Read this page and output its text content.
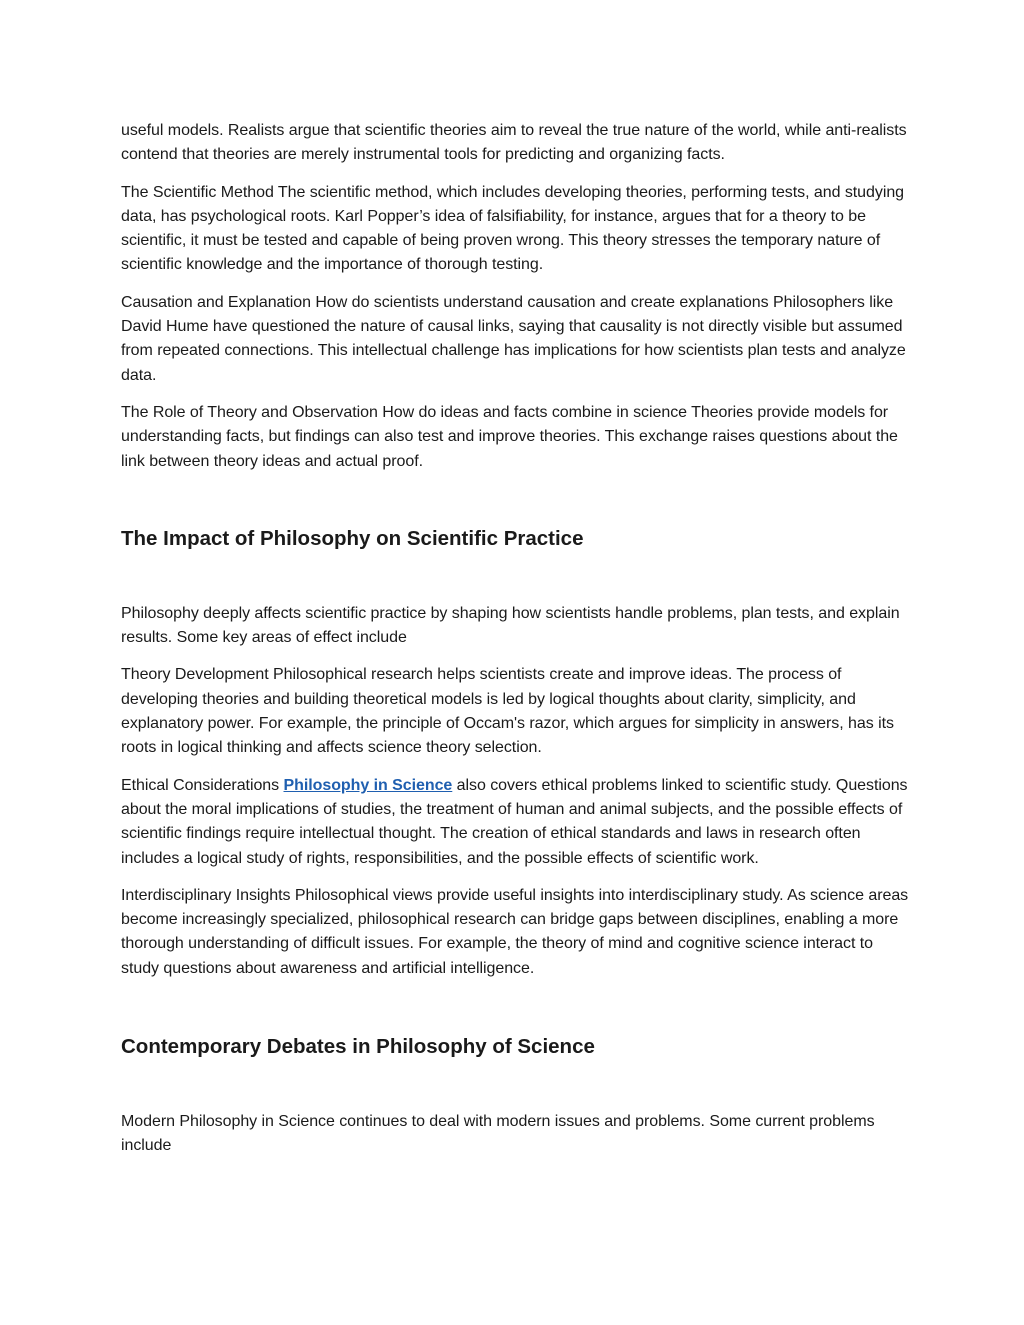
useful models. Realists argue that scientific theories aim to reveal the true nature of the world, while anti-realists contend that theories are merely instrumental tools for predicting and organizing facts.

The Scientific Method The scientific method, which includes developing theories, performing tests, and studying data, has psychological roots. Karl Popper’s idea of falsifiability, for instance, argues that for a theory to be scientific, it must be tested and capable of being proven wrong. This theory stresses the temporary nature of scientific knowledge and the importance of thorough testing.

Causation and Explanation How do scientists understand causation and create explanations Philosophers like David Hume have questioned the nature of causal links, saying that causality is not directly visible but assumed from repeated connections. This intellectual challenge has implications for how scientists plan tests and analyze data.

The Role of Theory and Observation How do ideas and facts combine in science Theories provide models for understanding facts, but findings can also test and improve theories. This exchange raises questions about the link between theory ideas and actual proof.

The Impact of Philosophy on Scientific Practice

Philosophy deeply affects scientific practice by shaping how scientists handle problems, plan tests, and explain results. Some key areas of effect include

Theory Development Philosophical research helps scientists create and improve ideas. The process of developing theories and building theoretical models is led by logical thoughts about clarity, simplicity, and explanatory power. For example, the principle of Occam's razor, which argues for simplicity in answers, has its roots in logical thinking and affects science theory selection.

Ethical Considerations Philosophy in Science also covers ethical problems linked to scientific study. Questions about the moral implications of studies, the treatment of human and animal subjects, and the possible effects of scientific findings require intellectual thought. The creation of ethical standards and laws in research often includes a logical study of rights, responsibilities, and the possible effects of scientific work.

Interdisciplinary Insights Philosophical views provide useful insights into interdisciplinary study. As science areas become increasingly specialized, philosophical research can bridge gaps between disciplines, enabling a more thorough understanding of difficult issues. For example, the theory of mind and cognitive science interact to study questions about awareness and artificial intelligence.

Contemporary Debates in Philosophy of Science

Modern Philosophy in Science continues to deal with modern issues and problems. Some current problems include
